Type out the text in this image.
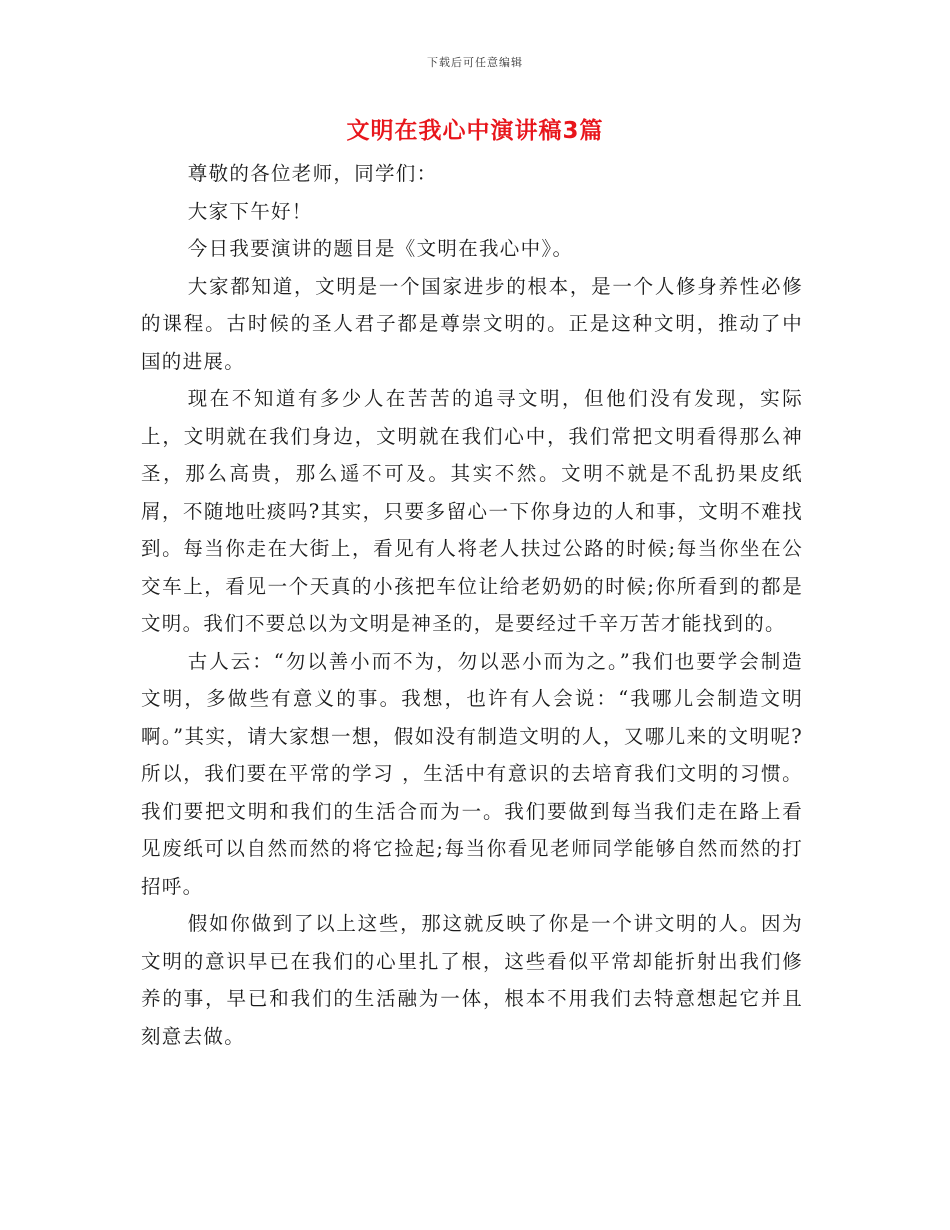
下载后可任意编辑
文明在我心中演讲稿3篇

尊敬的各位老师，同学们：

大家下午好！

今日我要演讲的题目是《文明在我心中》。

大家都知道，文明是一个国家进步的根本，是一个人修身养性必修的课程。古时候的圣人君子都是尊崇文明的。正是这种文明，推动了中国的进展。

现在不知道有多少人在苦苦的追寻文明，但他们没有发现，实际上，文明就在我们身边，文明就在我们心中，我们常把文明看得那么神圣，那么高贵，那么遥不可及。其实不然。文明不就是不乱扔果皮纸屑，不随地吐痰吗?其实，只要多留心一下你身边的人和事，文明不难找到。每当你走在大街上，看见有人将老人扶过公路的时候;每当你坐在公交车上，看见一个天真的小孩把车位让给老奶奶的时候;你所看到的都是文明。我们不要总以为文明是神圣的，是要经过千辛万苦才能找到的。

古人云：“勿以善小而不为，勿以恶小而为之。”我们也要学会制造文明，多做些有意义的事。我想，也许有人会说：“我哪儿会制造文明啊。”其实，请大家想一想，假如没有制造文明的人，又哪儿来的文明呢?所以，我们要在平常的学习 ，生活中有意识的去培育我们文明的习惯。我们要把文明和我们的生活合而为一。我们要做到每当我们走在路上看见废纸可以自然而然的将它捡起;每当你看见老师同学能够自然而然的打招呼。

假如你做到了以上这些，那这就反映了你是一个讲文明的人。因为文明的意识早已在我们的心里扎了根，这些看似平常却能折射出我们修养的事，早已和我们的生活融为一体，根本不用我们去特意想起它并且刻意去做。
